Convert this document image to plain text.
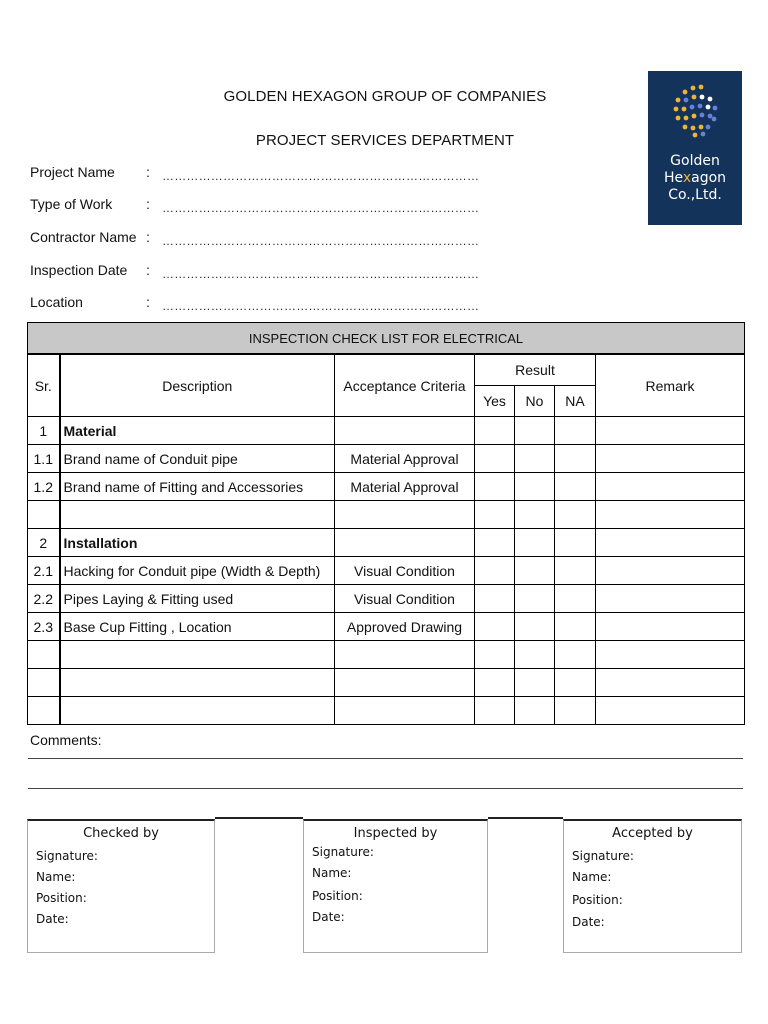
GOLDEN HEXAGON GROUP OF COMPANIES
PROJECT SERVICES DEPARTMENT
Golden
Hexagon
Co.,Ltd.
Project Name : ……………………………………………………………………
Type of Work : ……………………………………………………………………
Contractor Name : ……………………………………………………………………
Inspection Date : ……………………………………………………………………
Location	: ……………………………………………………………………
INSPECTION CHECK LIST FOR ELECTRICAL						
Sr.	Description	Acceptance Criteria	Result			Remark
			Yes	No	NA	
1	Material					
1.1	Brand name of Conduit pipe	Material Approval				
1.2	Brand name of Fitting and Accessories	Material Approval				

2	Installation					
2.1	Hacking for Conduit pipe (Width & Depth)	Visual Condition				
2.2	Pipes Laying & Fitting used	Visual Condition				
2.3	Base Cup Fitting , Location	Approved Drawing				

Comments:
Checked by
Signature:
Name:
Position:
Date:
Inspected by
Signature:
Name:
Position:
Date:
Accepted by
Signature:
Name:
Position:
Date:
